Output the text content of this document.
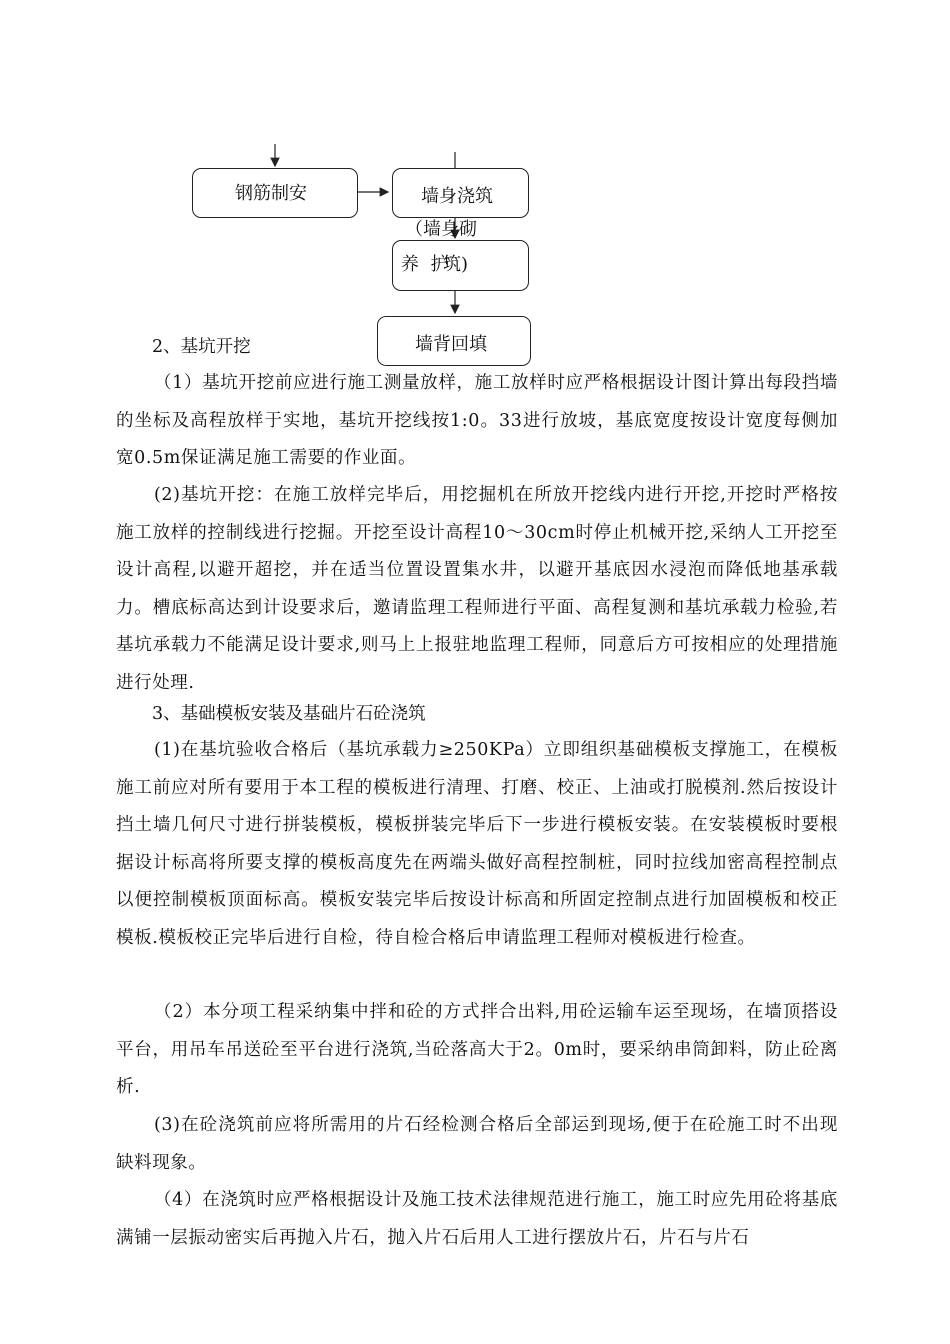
钢筋制安	墙身浇筑
（墙身砌
养  护
筑)
墙背回填
2、基坑开挖
（1）基坑开挖前应进行施工测量放样，施工放样时应严格根据设计图计算出每段挡墙的坐标及高程放样于实地，基坑开挖线按1:0。33进行放坡，基底宽度按设计宽度每侧加宽0.5m保证满足施工需要的作业面。
(2)基坑开挖：在施工放样完毕后，用挖掘机在所放开挖线内进行开挖,开挖时严格按施工放样的控制线进行挖掘。开挖至设计高程10～30cm时停止机械开挖,采纳人工开挖至设计高程,以避开超挖，并在适当位置设置集水井，以避开基底因水浸泡而降低地基承载力。槽底标高达到计设要求后，邀请监理工程师进行平面、高程复测和基坑承载力检验,若基坑承载力不能满足设计要求,则马上上报驻地监理工程师，同意后方可按相应的处理措施进行处理.
3、基础模板安装及基础片石砼浇筑
(1)在基坑验收合格后（基坑承载力≥250KPa）立即组织基础模板支撑施工，在模板施工前应对所有要用于本工程的模板进行清理、打磨、校正、上油或打脱模剂.然后按设计挡土墙几何尺寸进行拼装模板，模板拼装完毕后下一步进行模板安装。在安装模板时要根据设计标高将所要支撑的模板高度先在两端头做好高程控制桩，同时拉线加密高程控制点以便控制模板顶面标高。模板安装完毕后按设计标高和所固定控制点进行加固模板和校正模板.模板校正完毕后进行自检，待自检合格后申请监理工程师对模板进行检查。
（2）本分项工程采纳集中拌和砼的方式拌合出料,用砼运输车运至现场，在墙顶搭设平台，用吊车吊送砼至平台进行浇筑,当砼落高大于2。0m时，要采纳串筒卸料，防止砼离析.
(3)在砼浇筑前应将所需用的片石经检测合格后全部运到现场,便于在砼施工时不出现缺料现象。
（4）在浇筑时应严格根据设计及施工技术法律规范进行施工，施工时应先用砼将基底满铺一层振动密实后再抛入片石，抛入片石后用人工进行摆放片石，片石与片石
